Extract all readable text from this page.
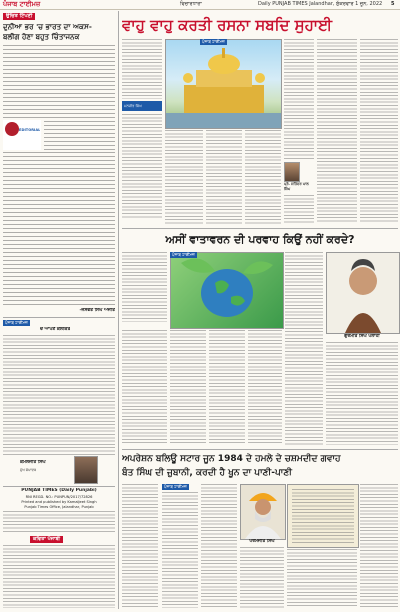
ਪੰਜਾਬ ਟਾਈਮਜ਼	ਵਿਚਾਰਧਾਰਾ	Daily PUNJAB TIMES Jalandhar, ਸ਼ੁੱਕਰਵਾਰ 1 ਜੂਨ, 2022 5
ਉਚਿਤ ਟਿੱਪਣੀ
ਦੁਨੀਆ ਭਰ 'ਚ ਭਾਰਤ ਦਾ ਅਕਸ-
ਬਲੀਗ ਹੋਣਾ ਬਹੁਤ ਚਿੰਤਾਜਨਕ
EDITORIAL
-ਜਸਵੰਤ ਸਿੰਘ ਅਜੀਤ
ਪੰਜਾਬ ਟਾਈਮਜ਼
ਦੋ ਆਪਣੇ ਕਲੰਕਿਤ
ਕਮਲਜੀਤ ਸਿੰਘ
ਮੁੱਖ ਸੰਪਾਦਕ
PUNJAB TIMES (Daily Punjabi)
RNI REGD. NO.: PUNPUN/2017/72826
Printed and published by Kamaljeet Singh
Punjab Times Office, Jalandhar, Punjab
ਕਵਿਤਾ ਪੰਜਾਬੀ
ਵਾਹੁ ਵਾਹੁ ਕਰਤੀ ਰਸਨਾ ਸਬਦਿ ਸੁਹਾਈ
ਮਨਜੀਤ ਸਿੰਘ
ਪੰਜਾਬ ਟਾਈਮਜ਼
ਪ੍ਰੋ. ਸਤਿੰਦਰ ਪਾਲ ਸਿੰਘ
ਅਸੀਂ ਵਾਤਾਵਰਨ ਦੀ ਪਰਵਾਹ ਕਿਉਂ ਨਹੀਂ ਕਰਦੇ?
ਪੰਜਾਬ ਟਾਈਮਜ਼
ਗੁਰਮੀਤ ਸਿੰਘ ਪਲਾਹੀ
ਅਪਰੇਸ਼ਨ ਬਲਿਊ ਸਟਾਰ ਜੂਨ 1984 ਦੇ ਹਮਲੇ ਦੇ ਚਸ਼ਮਦੀਦ ਗਵਾਹ
ਬੰਤ ਸਿੰਘ ਦੀ ਜ਼ੁਬਾਨੀ, ਕਰਦੀ ਹੈ ਖੂਨ ਦਾ ਪਾਣੀ-ਪਾਣੀ
ਪੰਜਾਬ ਟਾਈਮਜ਼
ਪਰਮਜੀਤ ਸਿੰਘ
